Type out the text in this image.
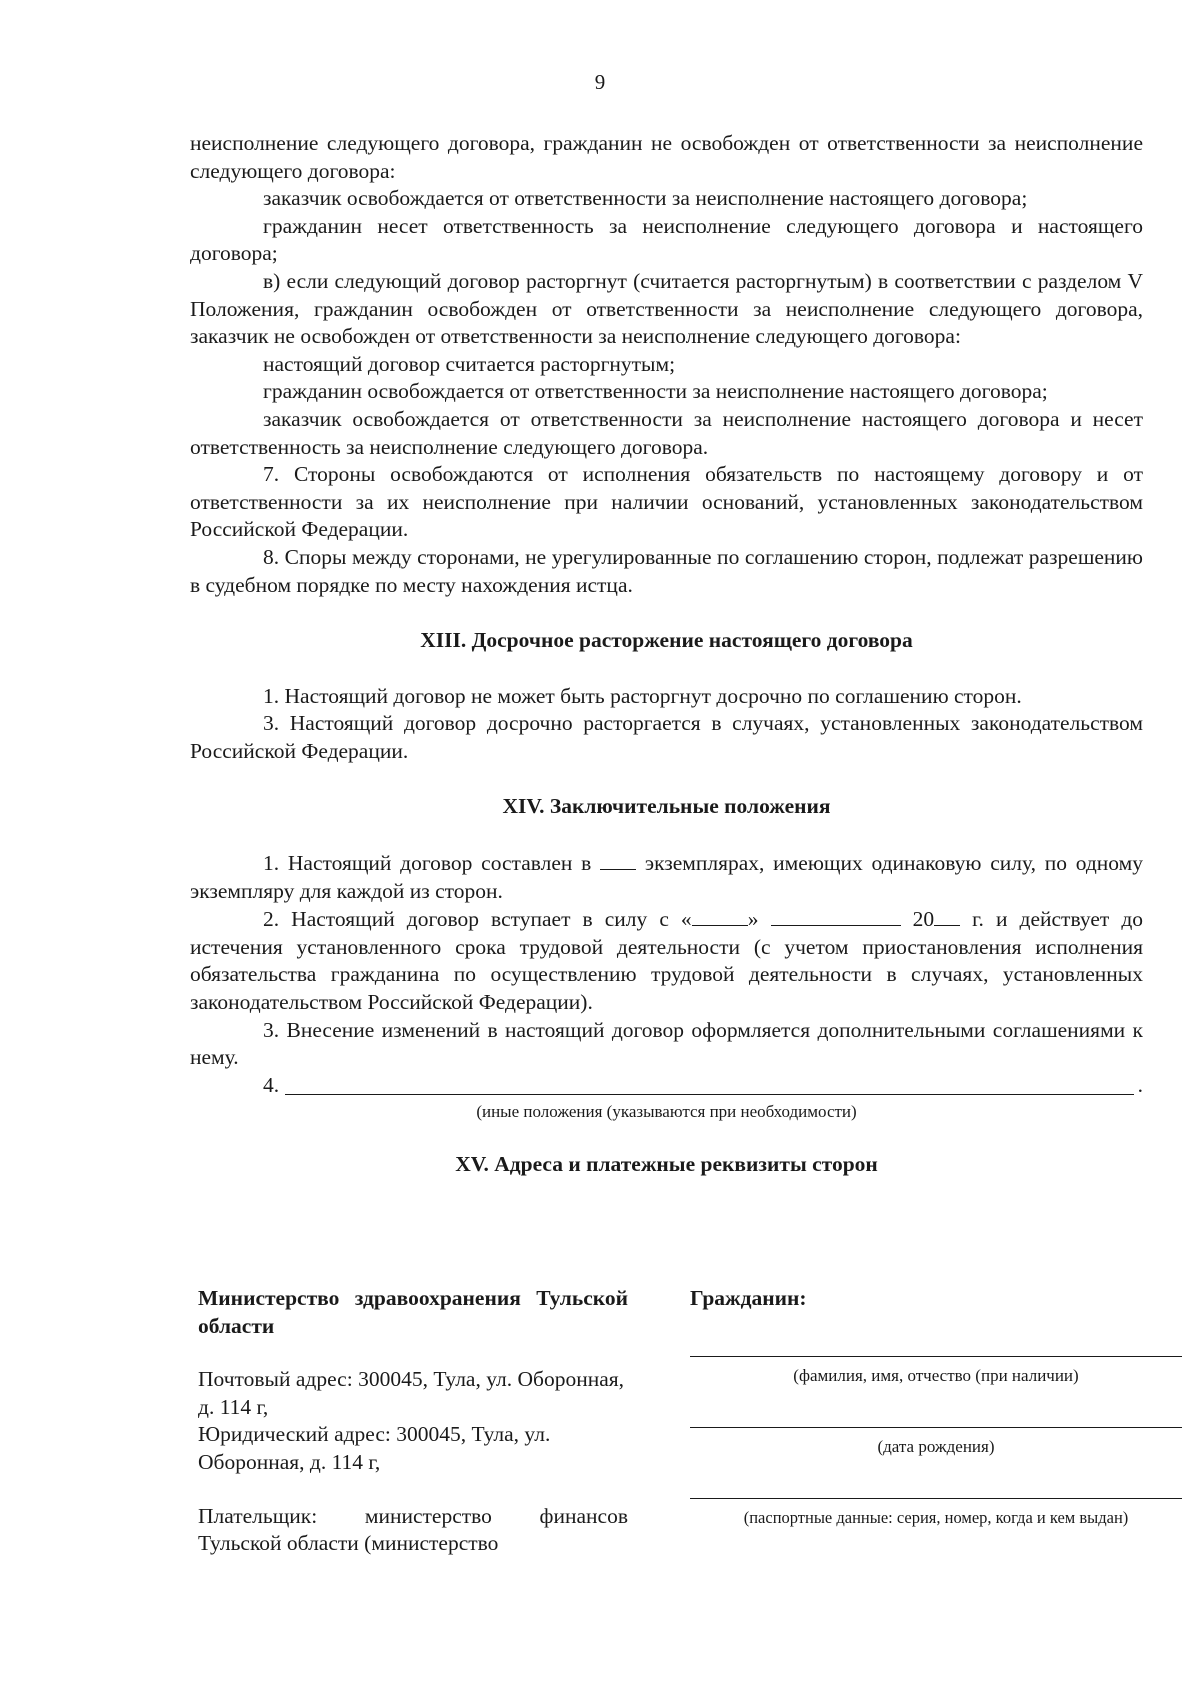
9

неисполнение следующего договора, гражданин не освобожден от ответственности за неисполнение следующего договора:

заказчик освобождается от ответственности за неисполнение настоящего договора;

гражданин несет ответственность за неисполнение следующего договора и настоящего договора;

в) если следующий договор расторгнут (считается расторгнутым) в соответствии с разделом V Положения, гражданин освобожден от ответственности за неисполнение следующего договора, заказчик не освобожден от ответственности за неисполнение следующего договора:

настоящий договор считается расторгнутым;

гражданин освобождается от ответственности за неисполнение настоящего договора;

заказчик освобождается от ответственности за неисполнение настоящего договора и несет ответственность за неисполнение следующего договора.

7. Стороны освобождаются от исполнения обязательств по настоящему договору и от ответственности за их неисполнение при наличии оснований, установленных законодательством Российской Федерации.

8. Споры между сторонами, не урегулированные по соглашению сторон, подлежат разрешению в судебном порядке по месту нахождения истца.

XIII. Досрочное расторжение настоящего договора

1. Настоящий договор не может быть расторгнут досрочно по соглашению сторон.

3. Настоящий договор досрочно расторгается в случаях, установленных законодательством Российской Федерации.

XIV. Заключительные положения

1. Настоящий договор составлен в экземплярах, имеющих одинаковую силу, по одному экземпляру для каждой из сторон.

2. Настоящий договор вступает в силу с «	»	20 г. и действует до истечения установленного срока трудовой деятельности (с учетом приостановления исполнения обязательства гражданина по осуществлению трудовой деятельности в случаях, установленных законодательством Российской Федерации).

3. Внесение изменений в настоящий договор оформляется дополнительными соглашениями к нему.

4.	.

(иные положения (указываются при необходимости)

XV. Адреса и платежные реквизиты сторон

Министерство здравоохранения Тульской области

Почтовый адрес: 300045, Тула, ул. Оборонная, д. 114 г,

Юридический адрес: 300045, Тула, ул. Оборонная, д. 114 г,

Плательщик: министерство финансов Тульской области (министерство

Гражданин:
(фамилия, имя, отчество (при наличии)
(дата рождения)
(паспортные данные: серия, номер, когда и кем выдан)
